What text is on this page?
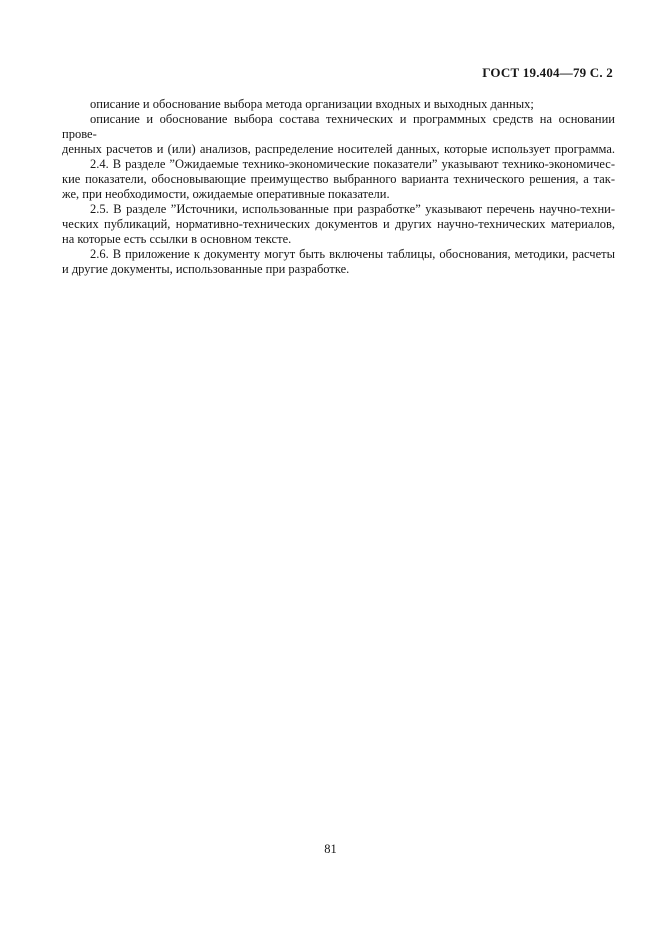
ГОСТ 19.404—79 С. 2
описание и обоснование выбора метода организации входных и выходных данных;
описание и обоснование выбора состава технических и программных средств на основании прове-
денных расчетов и (или) анализов, распределение носителей данных, которые использует программа.
2.4. В разделе ”Ожидаемые технико-экономические показатели” указывают технико-экономичес-
кие показатели, обосновывающие преимущество выбранного варианта технического решения, а так-
же, при необходимости, ожидаемые оперативные показатели.
2.5. В разделе ”Источники, использованные при разработке” указывают перечень научно-техни-
ческих публикаций, нормативно-технических документов и других научно-технических материалов,
на которые есть ссылки в основном тексте.
2.6. В приложение к документу могут быть включены таблицы, обоснования, методики, расчеты
и другие документы, использованные при разработке.
81
